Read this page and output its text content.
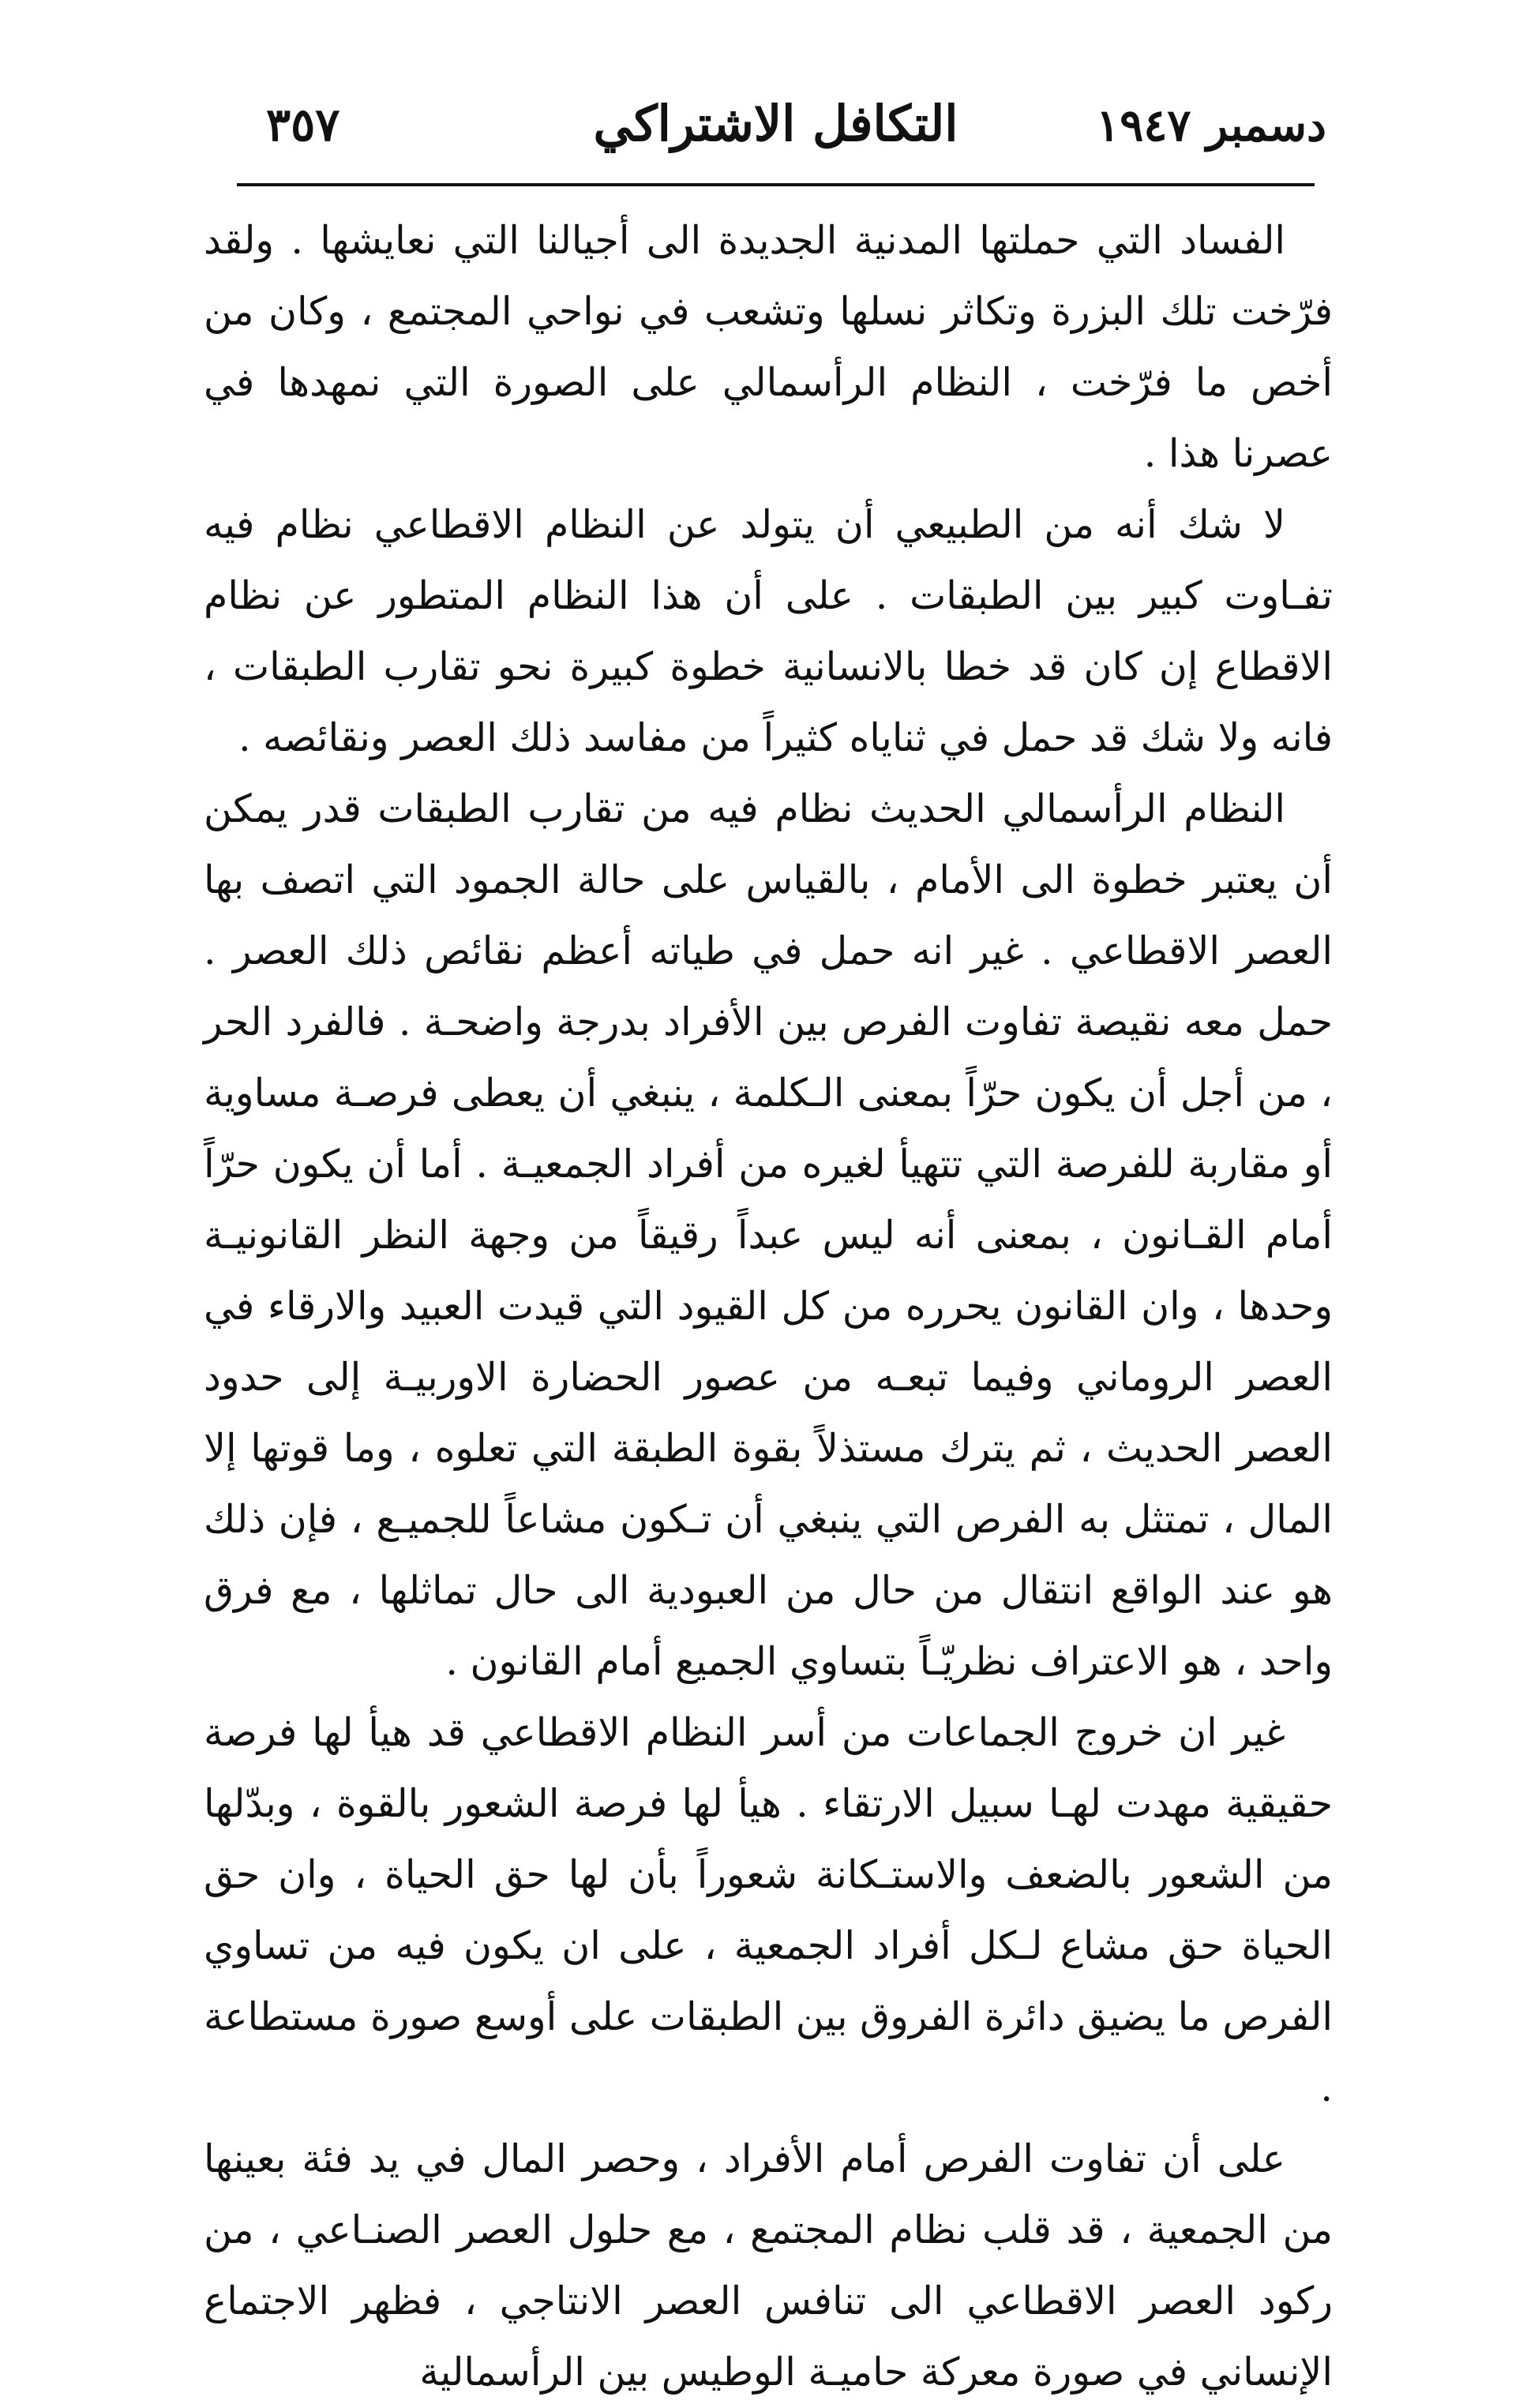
دسمبر ١٩٤٧
التكافل الاشتراكي
٣٥٧

الفساد التي حملتها المدنية الجديدة الى أجيالنا التي نعايشها . ولقد فرّخت تلك البزرة وتكاثر نسلها وتشعب في نواحي المجتمع ، وكان من أخص ما فرّخت ، النظام الرأسمالي على الصورة التي نمهدها في عصرنا هذا .

لا شك أنه من الطبيعي أن يتولد عن النظام الاقطاعي نظام فيه تفـاوت كبير بين الطبقات . على أن هذا النظام المتطور عن نظام الاقطاع إن كان قد خطا بالانسانية خطوة كبيرة نحو تقارب الطبقات ، فانه ولا شك قد حمل في ثناياه كثيراً من مفاسد ذلك العصر ونقائصه .

النظام الرأسمالي الحديث نظام فيه من تقارب الطبقات قدر يمكن أن يعتبر خطوة الى الأمام ، بالقياس على حالة الجمود التي اتصف بها العصر الاقطاعي . غير انه حمل في طياته أعظم نقائص ذلك العصر . حمل معه نقيصة تفاوت الفرص بين الأفراد بدرجة واضحـة . فالفرد الحر ، من أجل أن يكون حرّاً بمعنى الـكلمة ، ينبغي أن يعطى فرصـة مساوية أو مقاربة للفرصة التي تتهيأ لغيره من أفراد الجمعيـة . أما أن يكون حرّاً أمام القـانون ، بمعنى أنه ليس عبداً رقيقاً من وجهة النظر القانونيـة وحدها ، وان القانون يحرره من كل القيود التي قيدت العبيد والارقاء في العصر الروماني وفيما تبعـه من عصور الحضارة الاوربيـة إلى حدود العصر الحديث ، ثم يترك مستذلاً بقوة الطبقة التي تعلوه ، وما قوتها إلا المال ، تمتثل به الفرص التي ينبغي أن تـكون مشاعاً للجميـع ، فإن ذلك هو عند الواقع انتقال من حال من العبودية الى حال تماثلها ، مع فرق واحد ، هو الاعتراف نظريّـاً بتساوي الجميع أمام القانون .

غير ان خروج الجماعات من أسر النظام الاقطاعي قد هيأ لها فرصة حقيقية مهدت لهـا سبيل الارتقاء . هيأ لها فرصة الشعور بالقوة ، وبدّلها من الشعور بالضعف والاستـكانة شعوراً بأن لها حق الحياة ، وان حق الحياة حق مشاع لـكل أفراد الجمعية ، على ان يكون فيه من تساوي الفرص ما يضيق دائرة الفروق بين الطبقات على أوسع صورة مستطاعة .

على أن تفاوت الفرص أمام الأفراد ، وحصر المال في يد فئة بعينها من الجمعية ، قد قلب نظام المجتمع ، مع حلول العصر الصنـاعي ، من ركود العصر الاقطاعي الى تنافس العصر الانتاجي ، فظهر الاجتماع الإنساني في صورة معركة حاميـة الوطيس بين الرأسمالية
